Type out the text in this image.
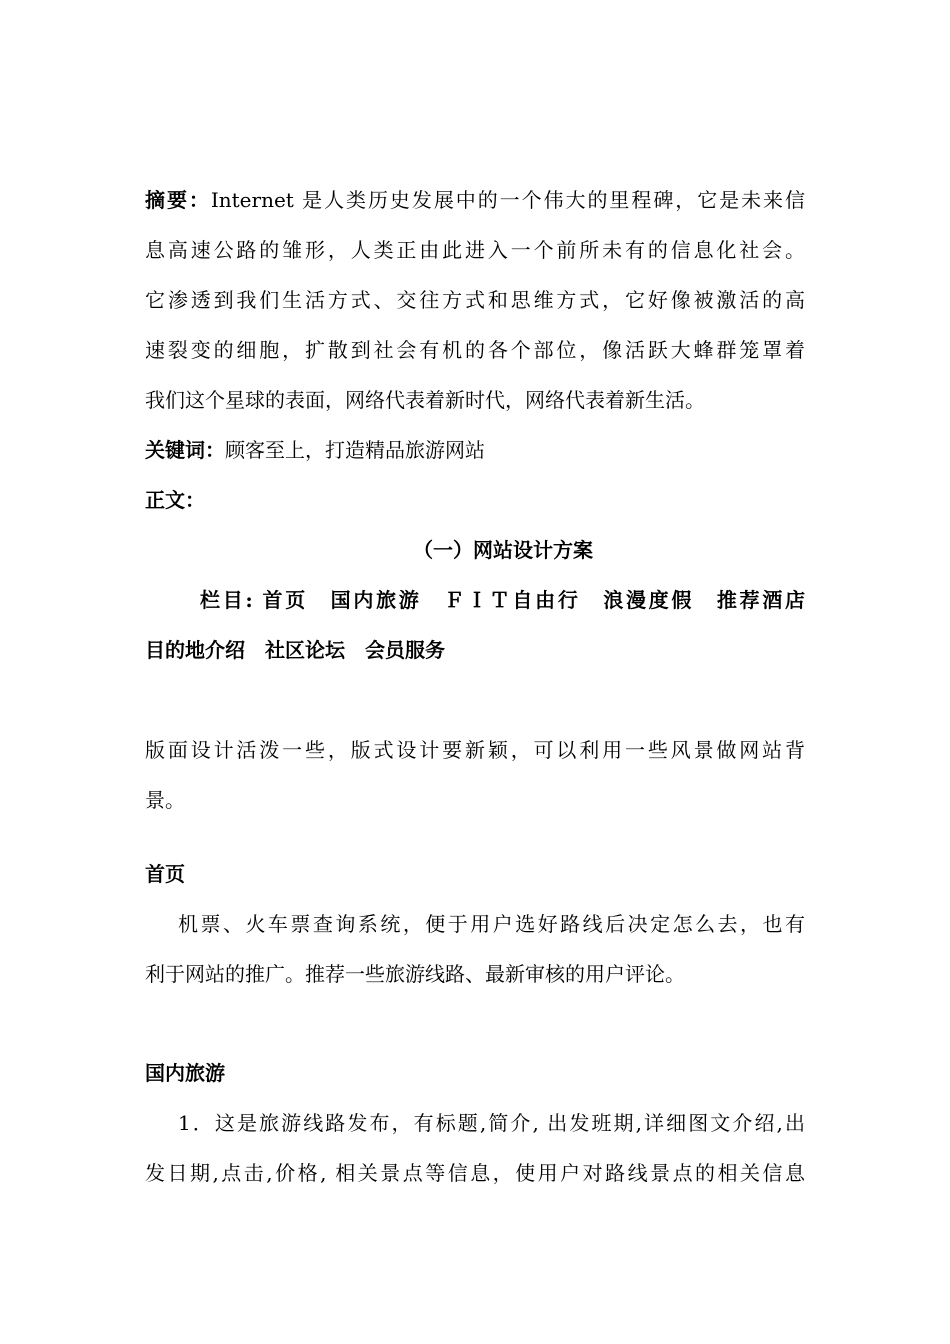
摘要：Internet 是人类历史发展中的一个伟大的里程碑，它是未来信
息高速公路的雏形，人类正由此进入一个前所未有的信息化社会。
它渗透到我们生活方式、交往方式和思维方式，它好像被激活的高
速裂变的细胞，扩散到社会有机的各个部位，像活跃大蜂群笼罩着
我们这个星球的表面，网络代表着新时代，网络代表着新生活。
关键词：顾客至上，打造精品旅游网站
正文：
（一）网站设计方案
栏目: 首页　国内旅游　ＦＩＴ自由行　浪漫度假　推荐酒店
目的地介绍　社区论坛　会员服务
版面设计活泼一些，版式设计要新颖，可以利用一些风景做网站背
景。
首页
机票、火车票查询系统，便于用户选好路线后决定怎么去，也有
利于网站的推广。推荐一些旅游线路、最新审核的用户评论。
国内旅游
1．这是旅游线路发布，有标题,简介, 出发班期,详细图文介绍,出
发日期,点击,价格, 相关景点等信息，使用户对路线景点的相关信息
